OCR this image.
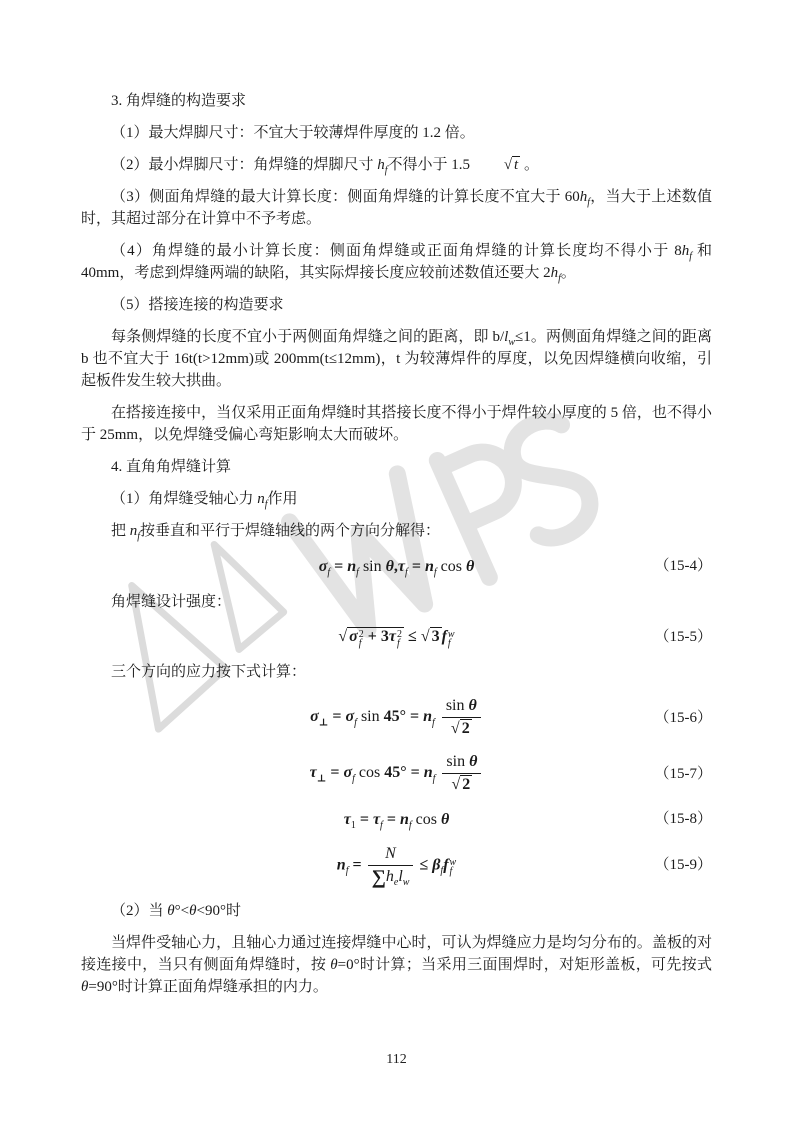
3. 角焊缝的构造要求
（1）最大焊脚尺寸：不宜大于较薄焊件厚度的 1.2 倍。
（2）最小焊脚尺寸：角焊缝的焊脚尺寸 $h_f$不得小于 1.5 √ t 。
（3）侧面角焊缝的最大计算长度：侧面角焊缝的计算长度不宜大于 $60h_f$，当大于上述数值时，其超过部分在计算中不予考虑。
（4）角焊缝的最小计算长度：侧面角焊缝或正面角焊缝的计算长度均不得小于 $8h_f$ 和 40mm，考虑到焊缝两端的缺陷，其实际焊接长度应较前述数值还要大 $2h_f$。
（5）搭接连接的构造要求
每条侧焊缝的长度不宜小于两侧面角焊缝之间的距离，即 $b/l_w\le 1$。两侧面角焊缝之间的距离 b 也不宜大于 16t(t>12mm)或 200mm(t≤12mm)，t 为较薄焊件的厚度，以免因焊缝横向收缩，引起板件发生较大拱曲。
在搭接连接中，当仅采用正面角焊缝时其搭接长度不得小于焊件较小厚度的 5 倍，也不得小于 25mm，以免焊缝受偏心弯矩影响太大而破坏。
4. 直角角焊缝计算
（1）角焊缝受轴心力 $n_f$作用
把 $n_f$按垂直和平行于焊缝轴线的两个方向分解得：
$\sigma_f = n_f$ $\sin \theta,\tau_f = n_f$ cos θ	（15-4）
角焊缝设计强度：
√ σ 2
f + 3τ 2
f ≤ √ 3 f w
f	（15-5）
三个方向的应力按下式计算：
$\sigma_\perp = \sigma_f$ $\sin 45^\circ = n_f \frac{\text{sin θ}}{√ 2}$	（15-6）
$\tau_\perp = \sigma_f$ $\cos 45^\circ = n_f \frac{\text{sin θ}}{√ 2}$	（15-7）
$\tau_1 = \tau_f = n_f$ cos θ	（15-8）
$n_f = \frac{N}{\sum h_el_w} \le \beta_ff$ w
f	（15-9）
（2）当 θ°<θ<90°时
当焊件受轴心力，且轴心力通过连接焊缝中心时，可认为焊缝应力是均匀分布的。盖板的对接连接中，当只有侧面角焊缝时，按 θ=0°时计算；当采用三面围焊时，对矩形盖板，可先按式 θ=90°时计算正面角焊缝承担的内力。
112
